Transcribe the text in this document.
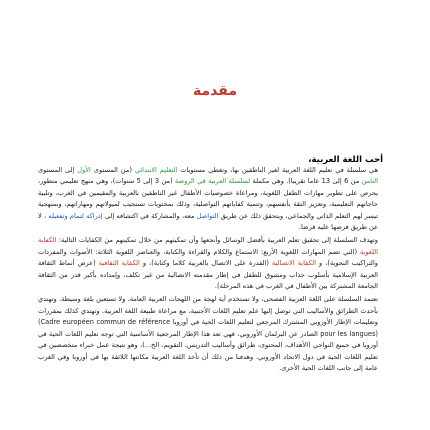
مقدمة
أحب اللغة العربية،

هي سلسلة في تعليم اللغة العربية لغير الناطقين بها، وتغطي مستويات التعليم الابتدائي (من المستوى الأول إلى المستوى الثامن من 6 إلى 13 عاما تقريبا). وهي مكملة لسلسلة العربية في الروضة (من 3 إلى 5 سنوات)، وهي منهج تعليمي متطور، يحرص على تطوير مهارات الطفل اللغوية، ومراعاة خصوصيات الأطفال غير الناطقين بالعربية والمقيمين في الغرب، وتلبية حاجاتهم التعليمية، وتعزيز الثقة بأنفسهم، وتنمية كفاياتهم التواصلية، وذلك بمحتويات تستجيب لميولاتهم ومهاراتهم، وبمنهجية تيسر لهم التعلم الذاتي والجماعي، ويتحقق ذلك عن طريق التواصل معه، والمشاركة في اكتشافه إلى إدراكه لتمام وتفعيله ، لا عن طريق فرضها عليه فرضا.

وتهدف السلسلة إلى تحقيق تعلم العربية بأفضل الوسائل وأنجعها وأن تمكينهم من خلال تمكينهم من الكفايات التالية: الكفاية اللغوية (التي تضم المهارات اللغوية الأربع: الاستماع والكلام والقراءة والكتابة، والعناصر اللغوية الثلاثة: الأصوات والمفردات والتراكيب النحوية)، و الكفاية الاتصالية (القدرة على الاتصال بالعربية كلاما وكتابة)، و الكفاية الثقافية (عرض أنماط الثقافة العربية الإسلامية بأسلوب جذاب ومشوق للطفل في إطار مقدمته الاتصالية من غير تكلف، وإمداده بأكبر قدر من الثقافة الجامعة المشتركة بين الأطفال في الغرب في هذه المرحلة).

تعتمد السلسلة على اللغة العربية الفصحى، ولا تستخدم أية لهجة من اللهجات العربية العامة، ولا تستعين بلغة وسيطة. وتهتدي بأحدث الطرائق والأساليب التي توصل إليها علم تعليم اللغات الأجنبية، مع مراعاة طبيعة اللغة العربية. وتهتدي كذلك بمقررات وتعليمات الإطار الأوروبي المشترك المرجعي لتعليم اللغات الحية في أوروبا (Cadre européen commun de référence pour les langues) الصادر عن البرلمان الأوروبي، فهي تعد هذا الإطار المرجعية الأساسية التي توجه تعليم اللغات الحية في أوروبا في جميع النواحي (الأهداف، المحتوى، طرائق وأساليب التدريس، التقويم، الخ...)، وهو نتيجة عمل خبراء متخصصين في تعليم اللغات الحية في دول الاتحاد الأوروبي. وهدفنا من ذلك أن تأخذ اللغة العربية مكانتها اللائقة بها في أوروبا وفي الغرب عامة إلى جانب اللغات الحية الأخرى.
